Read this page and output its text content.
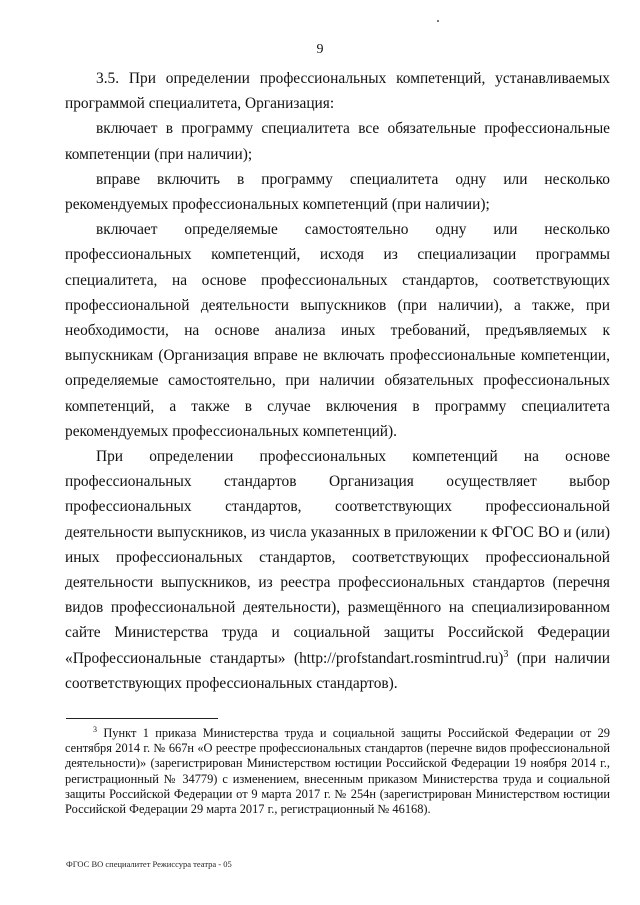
9

3.5. При определении профессиональных компетенций, устанавливаемых программой специалитета, Организация:

включает в программу специалитета все обязательные профессиональные компетенции (при наличии);

вправе включить в программу специалитета одну или несколько рекомендуемых профессиональных компетенций (при наличии);

включает определяемые самостоятельно одну или несколько профессиональных компетенций, исходя из специализации программы специалитета, на основе профессиональных стандартов, соответствующих профессиональной деятельности выпускников (при наличии), а также, при необходимости, на основе анализа иных требований, предъявляемых к выпускникам (Организация вправе не включать профессиональные компетенции, определяемые самостоятельно, при наличии обязательных профессиональных компетенций, а также в случае включения в программу специалитета рекомендуемых профессиональных компетенций).

При определении профессиональных компетенций на основе профессиональных стандартов Организация осуществляет выбор профессиональных стандартов, соответствующих профессиональной деятельности выпускников, из числа указанных в приложении к ФГОС ВО и (или) иных профессиональных стандартов, соответствующих профессиональной деятельности выпускников, из реестра профессиональных стандартов (перечня видов профессиональной деятельности), размещённого на специализированном сайте Министерства труда и социальной защиты Российской Федерации «Профессиональные стандарты» (http://profstandart.rosmintrud.ru)$^3$ (при наличии соответствующих профессиональных стандартов).

$^3$ Пункт 1 приказа Министерства труда и социальной защиты Российской Федерации от 29 сентября 2014 г. № 667н «О реестре профессиональных стандартов (перечне видов профессиональной деятельности)» (зарегистрирован Министерством юстиции Российской Федерации 19 ноября 2014 г., регистрационный № 34779) с изменением, внесенным приказом Министерства труда и социальной защиты Российской Федерации от 9 марта 2017 г. № 254н (зарегистрирован Министерством юстиции Российской Федерации 29 марта 2017 г., регистрационный № 46168).

ФГОС ВО специалитет Режиссура театра - 05
